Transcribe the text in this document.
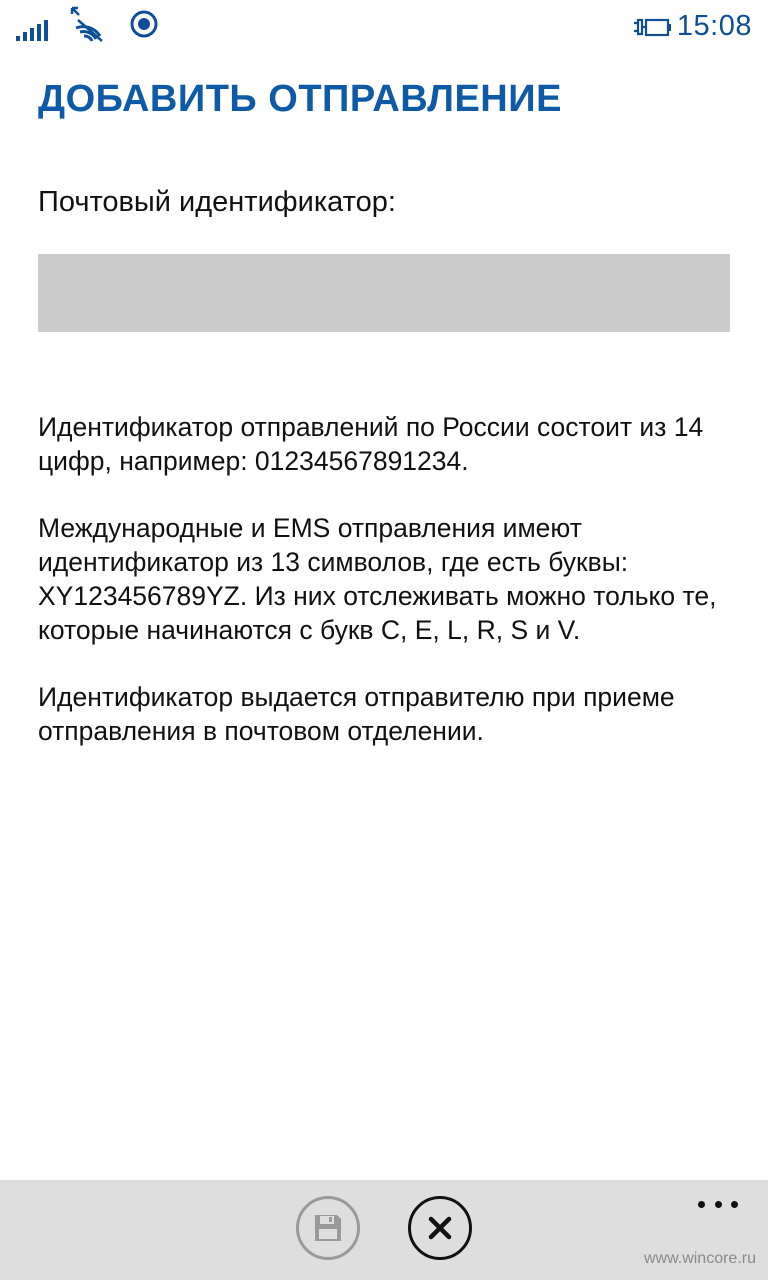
15:08
ДОБАВИТЬ ОТПРАВЛЕНИЕ
Почтовый идентификатор:

Идентификатор отправлений по России состоит из 14 цифр, например: 01234567891234.

Международные и EMS отправления имеют идентификатор из 13 символов, где есть буквы: XY123456789YZ. Из них отслеживать можно только те, которые начинаются с букв C, E, L, R, S и V.

Идентификатор выдается отправителю при приеме отправления в почтовом отделении.

www.wincore.ru
